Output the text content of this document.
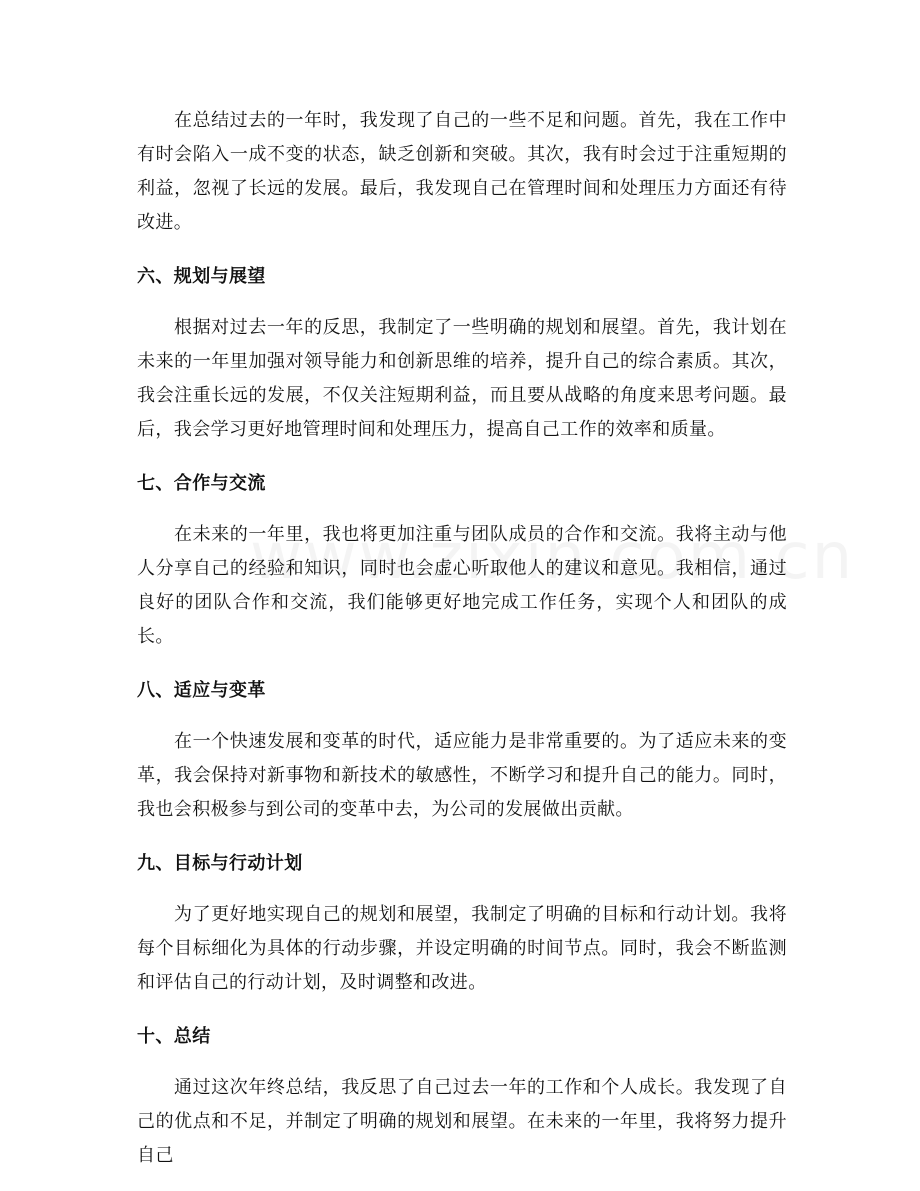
在总结过去的一年时，我发现了自己的一些不足和问题。首先，我在工作中有时会陷入一成不变的状态，缺乏创新和突破。其次，我有时会过于注重短期的利益，忽视了长远的发展。最后，我发现自己在管理时间和处理压力方面还有待改进。

六、规划与展望

根据对过去一年的反思，我制定了一些明确的规划和展望。首先，我计划在未来的一年里加强对领导能力和创新思维的培养，提升自己的综合素质。其次，我会注重长远的发展，不仅关注短期利益，而且要从战略的角度来思考问题。最后，我会学习更好地管理时间和处理压力，提高自己工作的效率和质量。

七、合作与交流

在未来的一年里，我也将更加注重与团队成员的合作和交流。我将主动与他人分享自己的经验和知识，同时也会虚心听取他人的建议和意见。我相信，通过良好的团队合作和交流，我们能够更好地完成工作任务，实现个人和团队的成长。

八、适应与变革

在一个快速发展和变革的时代，适应能力是非常重要的。为了适应未来的变革，我会保持对新事物和新技术的敏感性，不断学习和提升自己的能力。同时，我也会积极参与到公司的变革中去，为公司的发展做出贡献。

九、目标与行动计划

为了更好地实现自己的规划和展望，我制定了明确的目标和行动计划。我将每个目标细化为具体的行动步骤，并设定明确的时间节点。同时，我会不断监测和评估自己的行动计划，及时调整和改进。

十、总结

通过这次年终总结，我反思了自己过去一年的工作和个人成长。我发现了自己的优点和不足，并制定了明确的规划和展望。在未来的一年里，我将努力提升自己
